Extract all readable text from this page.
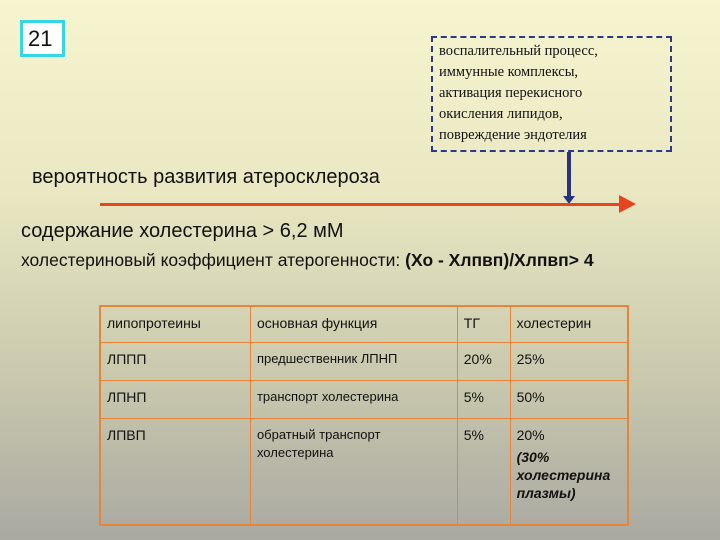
21	воспалительный процесс,
иммунные комплексы,
активация перекисного
окисления липидов,
повреждение эндотелия
вероятность развития атеросклероза
содержание холестерина > 6,2 мМ
холестериновый коэффициент атерогенности: (Хо - Хлпвп)/Хлпвп> 4
липопротеины	основная функция	ТГ	холестерин
ЛППП	предшественник ЛПНП	20%	25%
ЛПНП	транспорт холестерина	5%	50%
ЛПВП	обратный транспорт холестерина	5%	20%
(30% холестерина плазмы)
